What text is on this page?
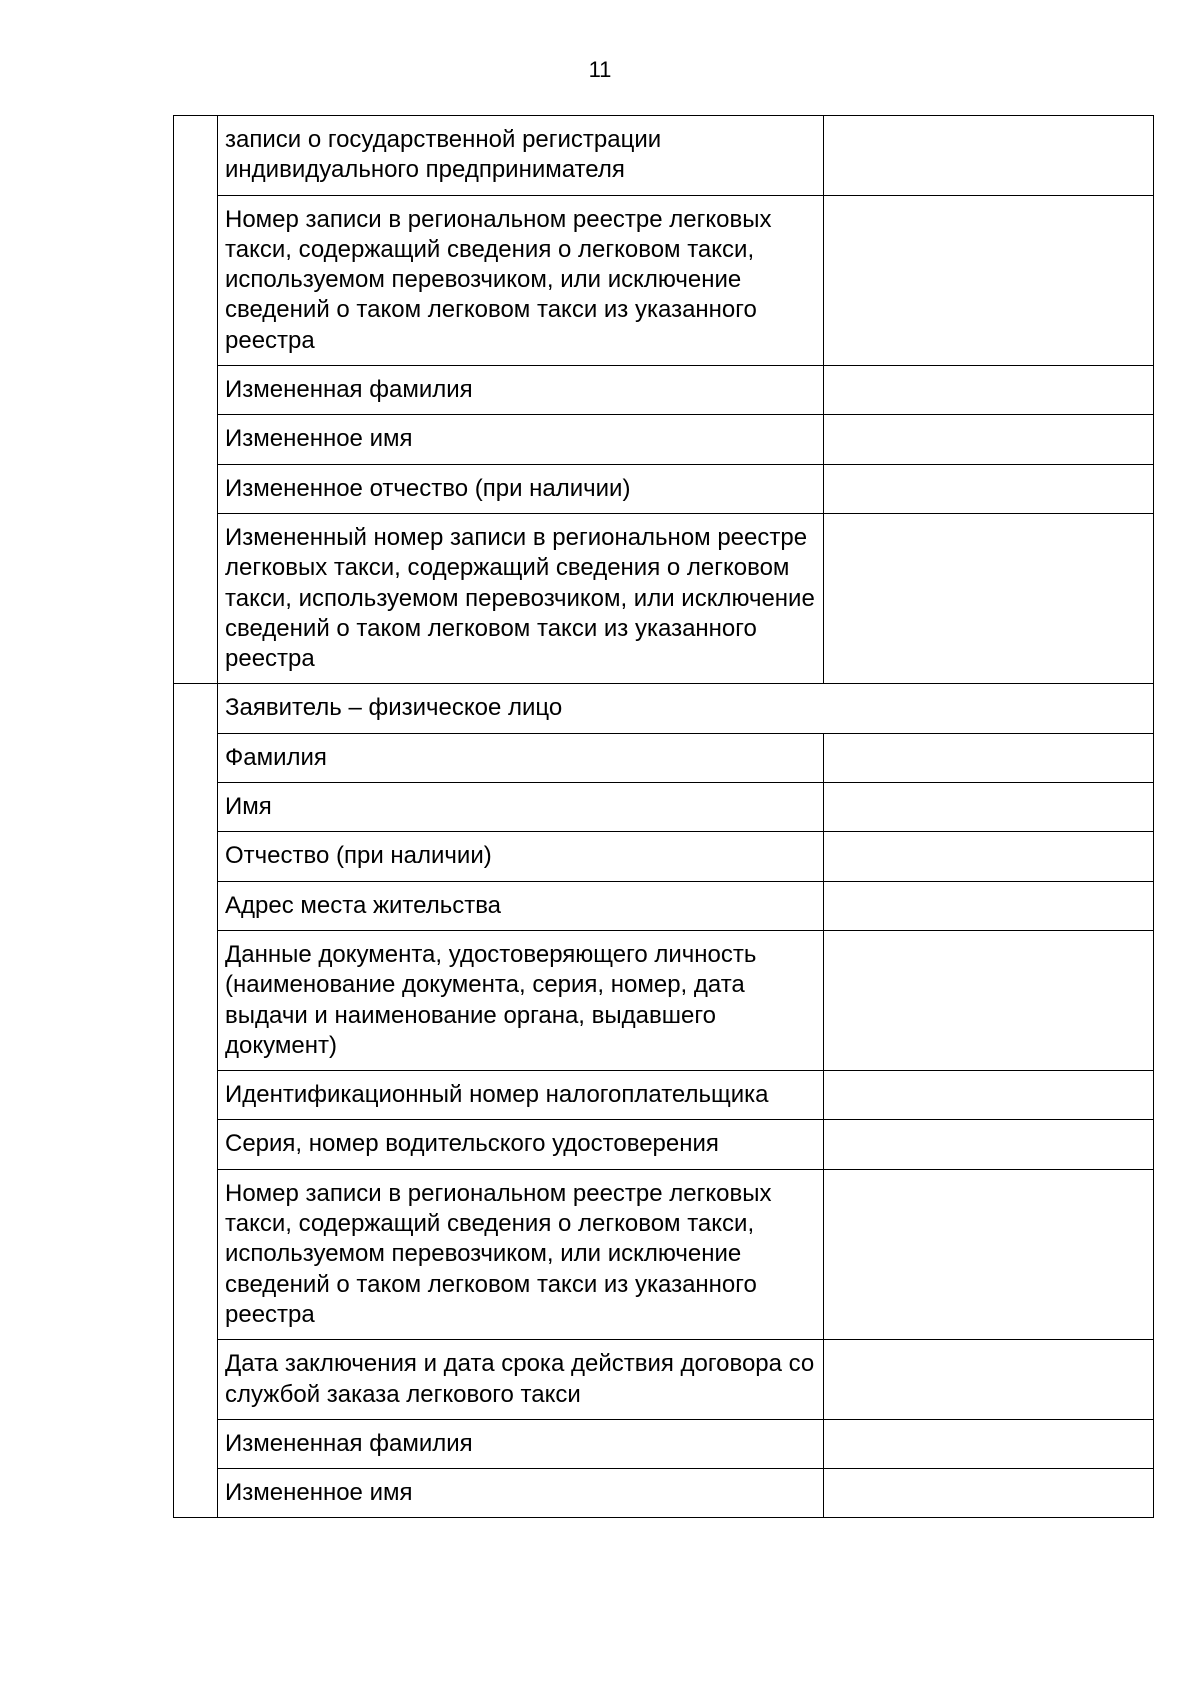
11

	записи о государственной регистрации индивидуального предпринимателя	

	Номер записи в региональном реестре легковых такси, содержащий сведения о легковом такси, используемом перевозчиком, или исключение сведений о таком легковом такси из указанного реестра	

	Измененная фамилия	

	Измененное имя	

	Измененное отчество (при наличии)	

	Измененный номер записи в региональном реестре легковых такси, содержащий сведения о легковом такси, используемом перевозчиком, или исключение сведений о таком легковом такси из указанного реестра	

	Заявитель – физическое лицо	

	Фамилия	

	Имя	

	Отчество (при наличии)	

	Адрес места жительства	

	Данные документа, удостоверяющего личность (наименование документа, серия, номер, дата выдачи и наименование органа, выдавшего документ)	

	Идентификационный номер налогоплательщика	

	Серия, номер водительского удостоверения	

	Номер записи в региональном реестре легковых такси, содержащий сведения о легковом такси, используемом перевозчиком, или исключение сведений о таком легковом такси из указанного реестра	

	Дата заключения и дата срока действия договора со службой заказа легкового такси	

	Измененная фамилия	

	Измененное имя	
